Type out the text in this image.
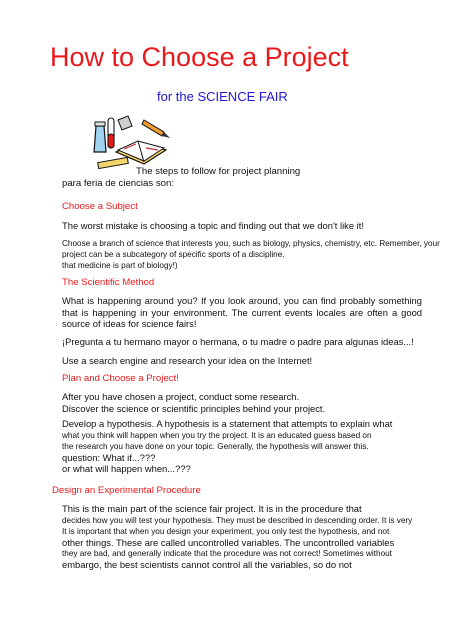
How to Choose a Project
for the SCIENCE FAIR
The steps to follow for project planning
para feria de ciencias son:
Choose a Subject
The worst mistake is choosing a topic and finding out that we don't like it!
Choose a branch of science that interests you, such as biology, physics, chemistry, etc. Remember, your
project can be a subcategory of specific sports of a discipline.
that medicine is part of biology!)
The Scientific Method
What is happening around you? If you look around, you can find probably something that is happening in your environment. The current events locales are often a good source of ideas for science fairs!
¡Pregunta a tu hermano mayor o hermana, o tu madre o padre para algunas ideas...!
Use a search engine and research your idea on the Internet!
Plan and Choose a Project!
After you have chosen a project, conduct some research.
Discover the science or scientific principles behind your project.
Develop a hypothesis. A hypothesis is a statement that attempts to explain what
what you think will happen when you try the project. It is an educated guess based on
the research you have done on your topic. Generally, the hypothesis will answer this.
question: What if...???
or what will happen when...???
Design an Experimental Procedure
This is the main part of the science fair project. It is in the procedure that
decides how you will test your hypothesis. They must be described in descending order. It is very
It is important that when you design your experiment, you only test the hypothesis, and not
other things. These are called uncontrolled variables. The uncontrolled variables
they are bad, and generally indicate that the procedure was not correct! Sometimes without
embargo, the best scientists cannot control all the variables, so do not
